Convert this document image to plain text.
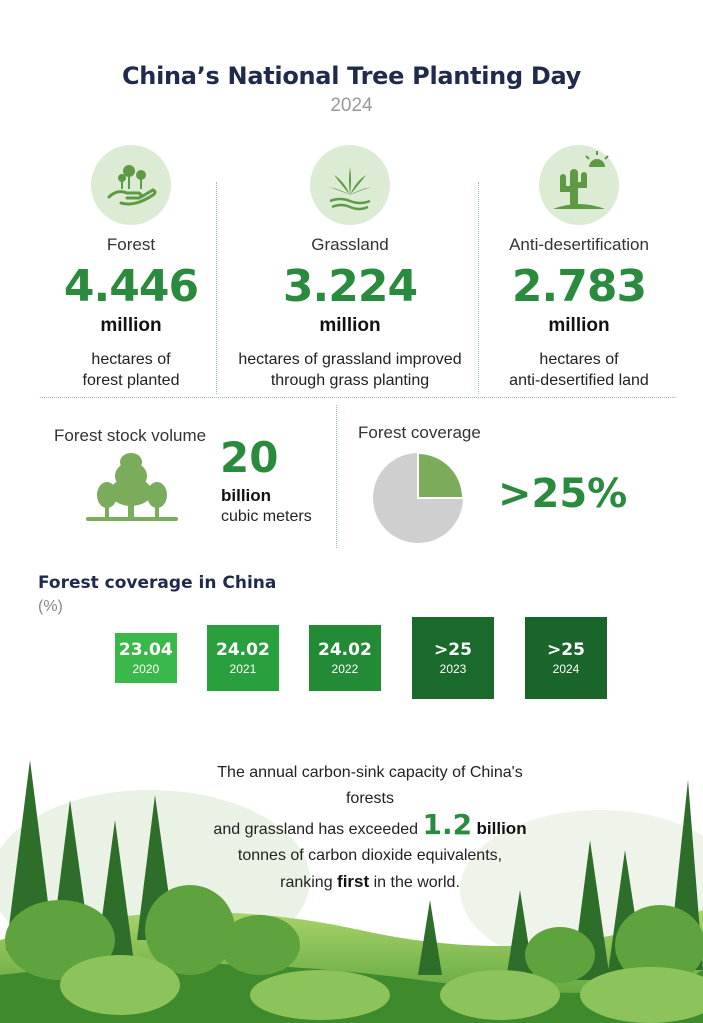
China’s National Tree Planting Day
2024
Forest
4.446
million
hectares of
forest planted
Grassland
3.224
million
hectares of grassland improved
through grass planting
Anti-desertification
2.783
million
hectares of
anti-desertified land
Forest stock volume 20
billion
cubic meters
Forest coverage
>25%
Forest coverage in China
(%)
23.04
2020
24.02
2021
24.02
2022
>25
2023
>25
2024
The annual carbon-sink capacity of China's forests
and grassland has exceeded 1.2 billion
tonnes of carbon dioxide equivalents,
ranking first in the world.
